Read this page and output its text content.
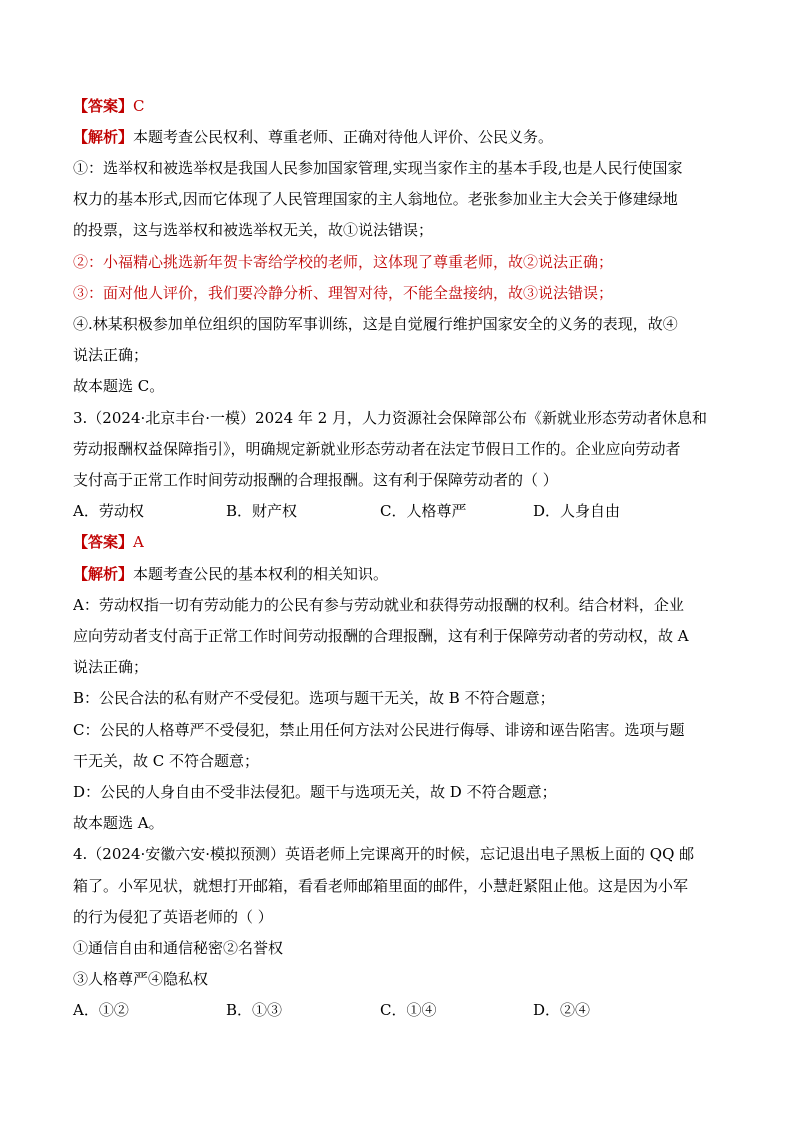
【答案】C
【解析】本题考查公民权利、尊重老师、正确对待他人评价、公民义务。
①：选举权和被选举权是我国人民参加国家管理,实现当家作主的基本手段,也是人民行使国家
权力的基本形式,因而它体现了人民管理国家的主人翁地位。老张参加业主大会关于修建绿地
的投票，这与选举权和被选举权无关，故①说法错误；
②：小福精心挑选新年贺卡寄给学校的老师，这体现了尊重老师，故②说法正确；
③：面对他人评价，我们要冷静分析、理智对待，不能全盘接纳，故③说法错误；
④.林某积极参加单位组织的国防军事训练，这是自觉履行维护国家安全的义务的表现，故④
说法正确；
故本题选 C。
3.（2024·北京丰台·一模）2024 年 2 月，人力资源社会保障部公布《新就业形态劳动者休息和
劳动报酬权益保障指引》，明确规定新就业形态劳动者在法定节假日工作的。企业应向劳动者
支付高于正常工作时间劳动报酬的合理报酬。这有利于保障劳动者的（ ）
A．劳动权	B．财产权	C．人格尊严	D．人身自由
【答案】A
【解析】本题考查公民的基本权利的相关知识。
A：劳动权指一切有劳动能力的公民有参与劳动就业和获得劳动报酬的权利。结合材料，企业
应向劳动者支付高于正常工作时间劳动报酬的合理报酬，这有利于保障劳动者的劳动权，故 A
说法正确；
B：公民合法的私有财产不受侵犯。选项与题干无关，故 B 不符合题意；
C：公民的人格尊严不受侵犯，禁止用任何方法对公民进行侮辱、诽谤和诬告陷害。选项与题
干无关，故 C 不符合题意；
D：公民的人身自由不受非法侵犯。题干与选项无关，故 D 不符合题意；
故本题选 A。
4.（2024·安徽六安·模拟预测）英语老师上完课离开的时候，忘记退出电子黑板上面的 QQ 邮
箱了。小军见状，就想打开邮箱，看看老师邮箱里面的邮件，小慧赶紧阻止他。这是因为小军
的行为侵犯了英语老师的（ ）
①通信自由和通信秘密②名誉权
③人格尊严④隐私权
A．①②	B．①③	C．①④	D．②④
